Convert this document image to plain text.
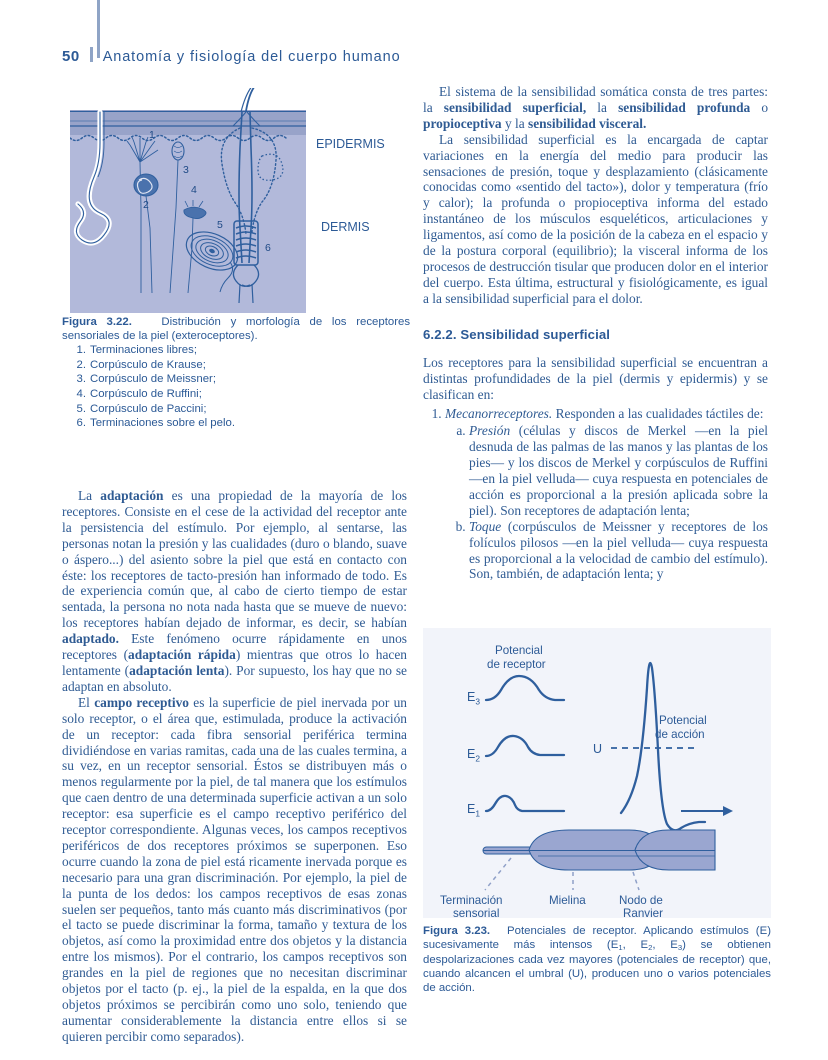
50 Anatomía y fisiología del cuerpo humano
1
2
3
4
5
6
EPIDERMIS
DERMIS
Figura 3.22.	Distribución y morfología de los receptores sensoriales de la piel (exteroceptores).
Terminaciones libres;
Corpúsculo de Krause;
Corpúsculo de Meissner;
Corpúsculo de Ruffini;
Corpúsculo de Paccini;
Terminaciones sobre el pelo.

La adaptación es una propiedad de la mayoría de los receptores. Consiste en el cese de la actividad del receptor ante la persistencia del estímulo. Por ejemplo, al sentarse, las personas notan la presión y las cualidades (duro o blando, suave o áspero...) del asiento sobre la piel que está en contacto con éste: los receptores de tacto-presión han informado de todo. Es de experiencia común que, al cabo de cierto tiempo de estar sentada, la persona no nota nada hasta que se mueve de nuevo: los receptores habían dejado de informar, es decir, se habían adaptado. Este fenómeno ocurre rápidamente en unos receptores (adaptación rápida) mientras que otros lo hacen lentamente (adaptación lenta). Por supuesto, los hay que no se adaptan en absoluto.

El campo receptivo es la superficie de piel inervada por un solo receptor, o el área que, estimulada, produce la activación de un receptor: cada fibra sensorial periférica termina dividiéndose en varias ramitas, cada una de las cuales termina, a su vez, en un receptor sensorial. Éstos se distribuyen más o menos regularmente por la piel, de tal manera que los estímulos que caen dentro de una determinada superficie activan a un solo receptor: esa superficie es el campo receptivo periférico del receptor correspondiente. Algunas veces, los campos receptivos periféricos de dos receptores próximos se superponen. Eso ocurre cuando la zona de piel está ricamente inervada porque es necesario para una gran discriminación. Por ejemplo, la piel de la punta de los dedos: los campos receptivos de esas zonas suelen ser pequeños, tanto más cuanto más discriminativos (por el tacto se puede discriminar la forma, tamaño y textura de los objetos, así como la proximidad entre dos objetos y la distancia entre los mismos). Por el contrario, los campos receptivos son grandes en la piel de regiones que no necesitan discriminar objetos por el tacto (p. ej., la piel de la espalda, en la que dos objetos próximos se percibirán como uno solo, teniendo que aumentar considerablemente la distancia entre ellos si se quieren percibir como separados).

El sistema de la sensibilidad somática consta de tres partes: la sensibilidad superficial, la sensibilidad profunda o propioceptiva y la sensibilidad visceral.

La sensibilidad superficial es la encargada de captar variaciones en la energía del medio para producir las sensaciones de presión, toque y desplazamiento (clásicamente conocidas como «sentido del tacto»), dolor y temperatura (frío y calor); la profunda o propioceptiva informa del estado instantáneo de los músculos esqueléticos, articulaciones y ligamentos, así como de la posición de la cabeza en el espacio y de la postura corporal (equilibrio); la visceral informa de los procesos de destrucción tisular que producen dolor en el interior del cuerpo. Esta última, estructural y fisiológicamente, es igual a la sensibilidad superficial para el dolor.

6.2.2. Sensibilidad superficial

Los receptores para la sensibilidad superficial se encuentran a distintas profundidades de la piel (dermis y epidermis) y se clasifican en:

1. Mecanorreceptores. Responden a las cualidades táctiles de:
a. Presión (células y discos de Merkel —en la piel desnuda de las palmas de las manos y las plantas de los pies— y los discos de Merkel y corpúsculos de Ruffini —en la piel velluda— cuya respuesta en potenciales de acción es proporcional a la presión aplicada sobre la piel). Son receptores de adaptación lenta;
b. Toque (corpúsculos de Meissner y receptores de los folículos pilosos —en la piel velluda— cuya respuesta es proporcional a la velocidad de cambio del estímulo). Son, también, de adaptación lenta; y
Potencial
de receptor
$E_3$
$E_2$
$E_1$
U
Potencial
de acción
Terminación
sensorial
Mielina	Nodo de
Ranvier
Figura 3.23. Potenciales de receptor. Aplicando estímulos (E) sucesivamente más intensos ($E_1$, $E_2$, $E_3$) se obtienen despolarizaciones cada vez mayores (potenciales de receptor) que, cuando alcancen el umbral (U), producen uno o varios potenciales de acción.
